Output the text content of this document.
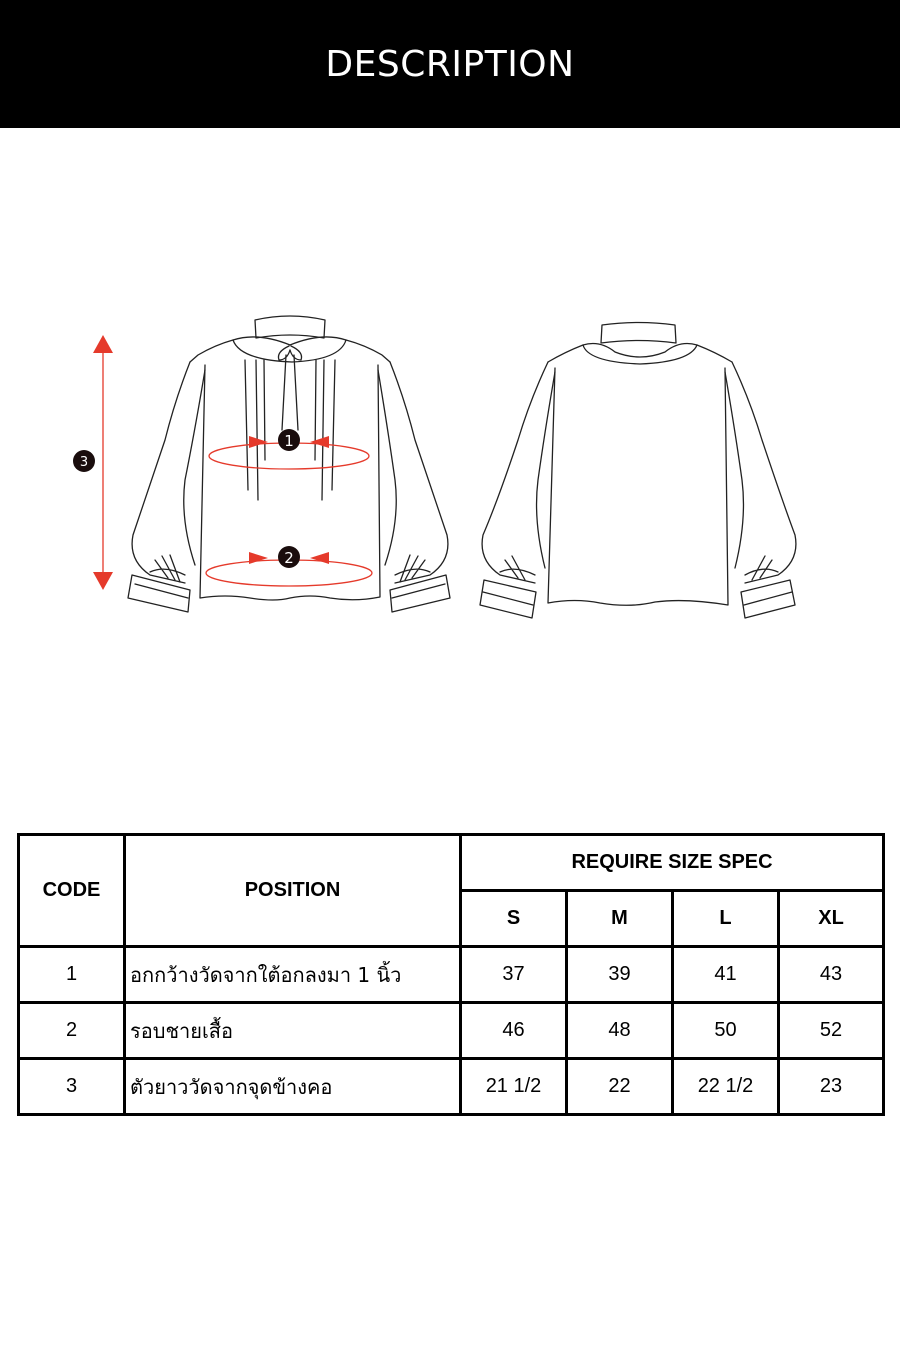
DESCRIPTION
1
2
3
CODE	POSITION	REQUIRE SIZE SPEC			
		S	M	L	XL
1	อกกว้างวัดจากใต้อกลงมา 1 นิ้ว	37	39	41	43
2	รอบชายเสื้อ	46	48	50	52
3	ตัวยาววัดจากจุดข้างคอ	21 1/2	22	22 1/2	23
